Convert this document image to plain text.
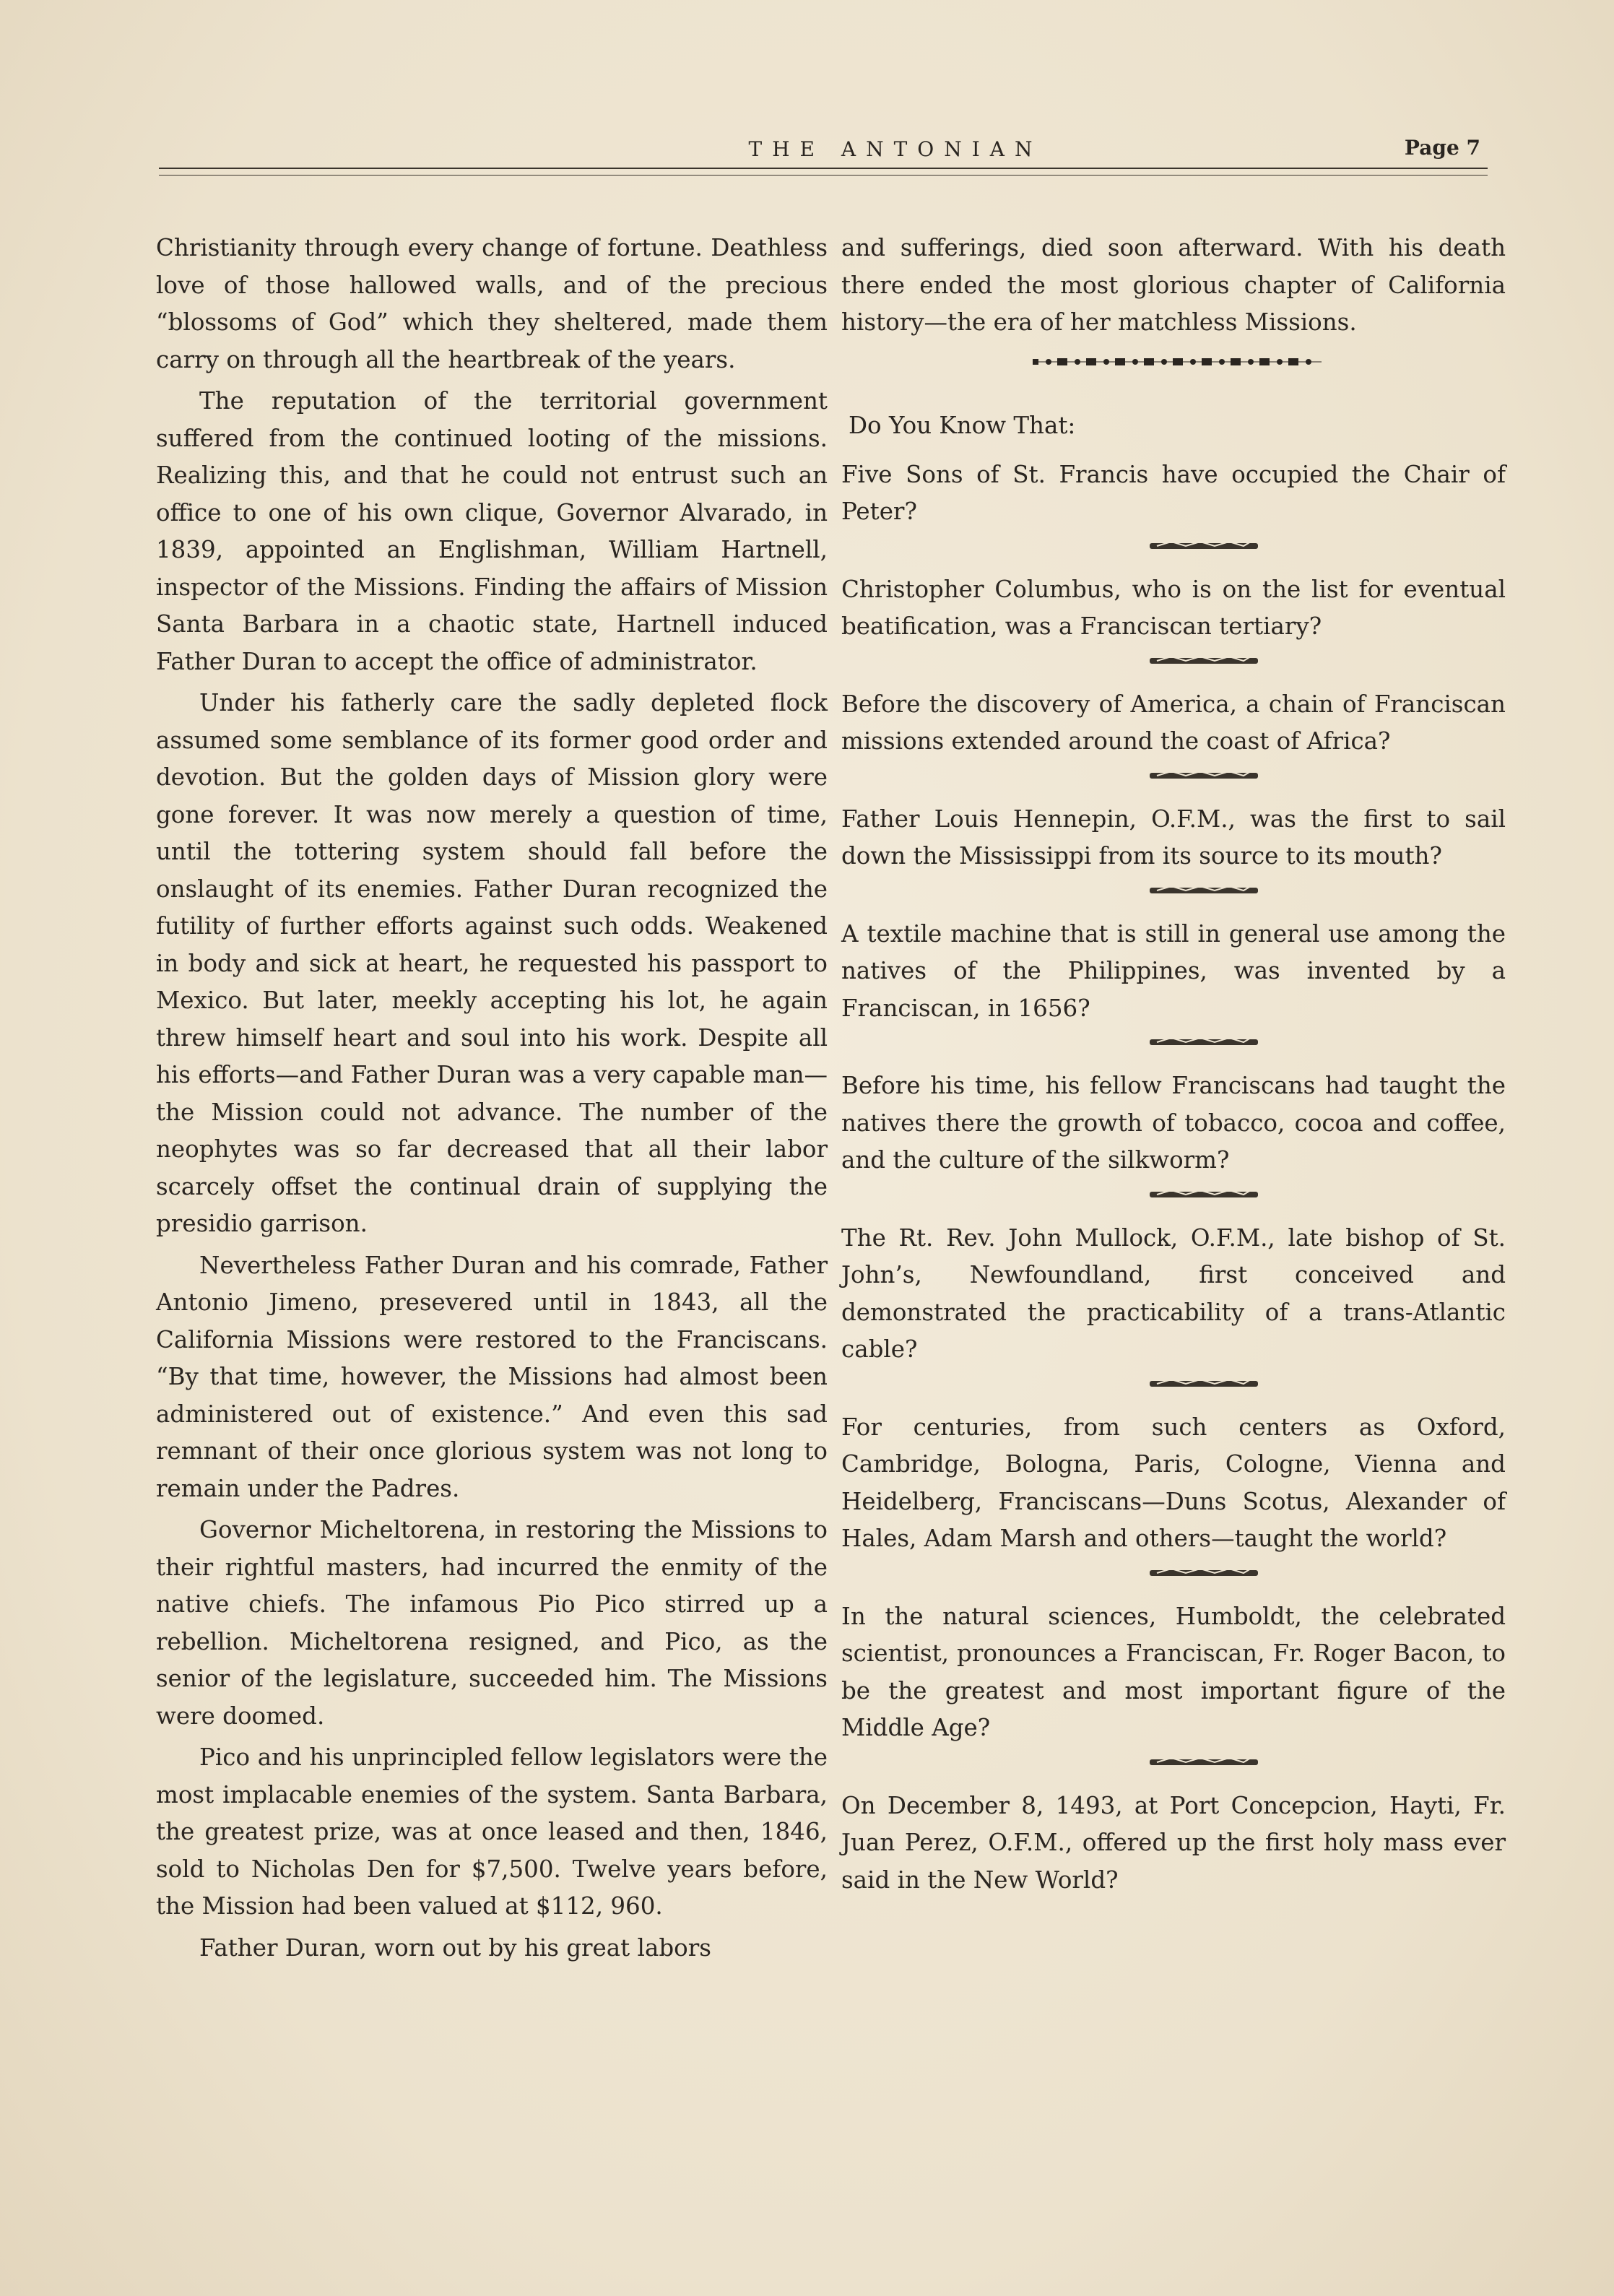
THE ANTONIAN	Page 7

Christianity through every change of fortune. Deathless love of those hallowed walls, and of the precious “blossoms of God” which they sheltered, made them carry on through all the heartbreak of the years.

The reputation of the territorial government suffered from the continued looting of the missions. Realizing this, and that he could not entrust such an office to one of his own clique, Governor Alvarado, in 1839, appointed an Englishman, William Hartnell, inspector of the Missions. Finding the affairs of Mission Santa Barbara in a chaotic state, Hartnell induced Father Duran to accept the office of administrator.

Under his fatherly care the sadly depleted flock assumed some semblance of its former good order and devotion. But the golden days of Mission glory were gone forever. It was now merely a question of time, until the tottering system should fall before the onslaught of its enemies. Father Duran recognized the futility of further efforts against such odds. Weakened in body and sick at heart, he requested his passport to Mexico. But later, meekly accepting his lot, he again threw himself heart and soul into his work. Despite all his efforts—and Father Duran was a very capable man—the Mission could not advance. The number of the neophytes was so far decreased that all their labor scarcely offset the continual drain of supplying the presidio garrison.

Nevertheless Father Duran and his comrade, Father Antonio Jimeno, presevered until in 1843, all the California Missions were restored to the Franciscans. “By that time, however, the Missions had almost been administered out of existence.” And even this sad remnant of their once glorious system was not long to remain under the Padres.

Governor Micheltorena, in restoring the Missions to their rightful masters, had incurred the enmity of the native chiefs. The infamous Pio Pico stirred up a rebellion. Micheltorena resigned, and Pico, as the senior of the legislature, succeeded him. The Missions were doomed.

Pico and his unprincipled fellow legislators were the most implacable enemies of the system. Santa Barbara, the greatest prize, was at once leased and then, 1846, sold to Nicholas Den for $7,500. Twelve years before, the Mission had been valued at $112, 960.

Father Duran, worn out by his great labors

and sufferings, died soon afterward. With his death there ended the most glorious chapter of California history—the era of her matchless Missions.

Do You Know That:

Five Sons of St. Francis have occupied the Chair of Peter?

Christopher Columbus, who is on the list for eventual beatification, was a Franciscan tertiary?

Before the discovery of America, a chain of Franciscan missions extended around the coast of Africa?

Father Louis Hennepin, O.F.M., was the first to sail down the Mississippi from its source to its mouth?

A textile machine that is still in general use among the natives of the Philippines, was invented by a Franciscan, in 1656?

Before his time, his fellow Franciscans had taught the natives there the growth of tobacco, cocoa and coffee, and the culture of the silkworm?

The Rt. Rev. John Mullock, O.F.M., late bishop of St. John’s, Newfoundland, first conceived and demonstrated the practicability of a trans-Atlantic cable?

For centuries, from such centers as Oxford, Cambridge, Bologna, Paris, Cologne, Vienna and Heidelberg, Franciscans—Duns Scotus, Alexander of Hales, Adam Marsh and others—taught the world?

In the natural sciences, Humboldt, the celebrated scientist, pronounces a Franciscan, Fr. Roger Bacon, to be the greatest and most important figure of the Middle Age?

On December 8, 1493, at Port Concepcion, Hayti, Fr. Juan Perez, O.F.M., offered up the first holy mass ever said in the New World?
